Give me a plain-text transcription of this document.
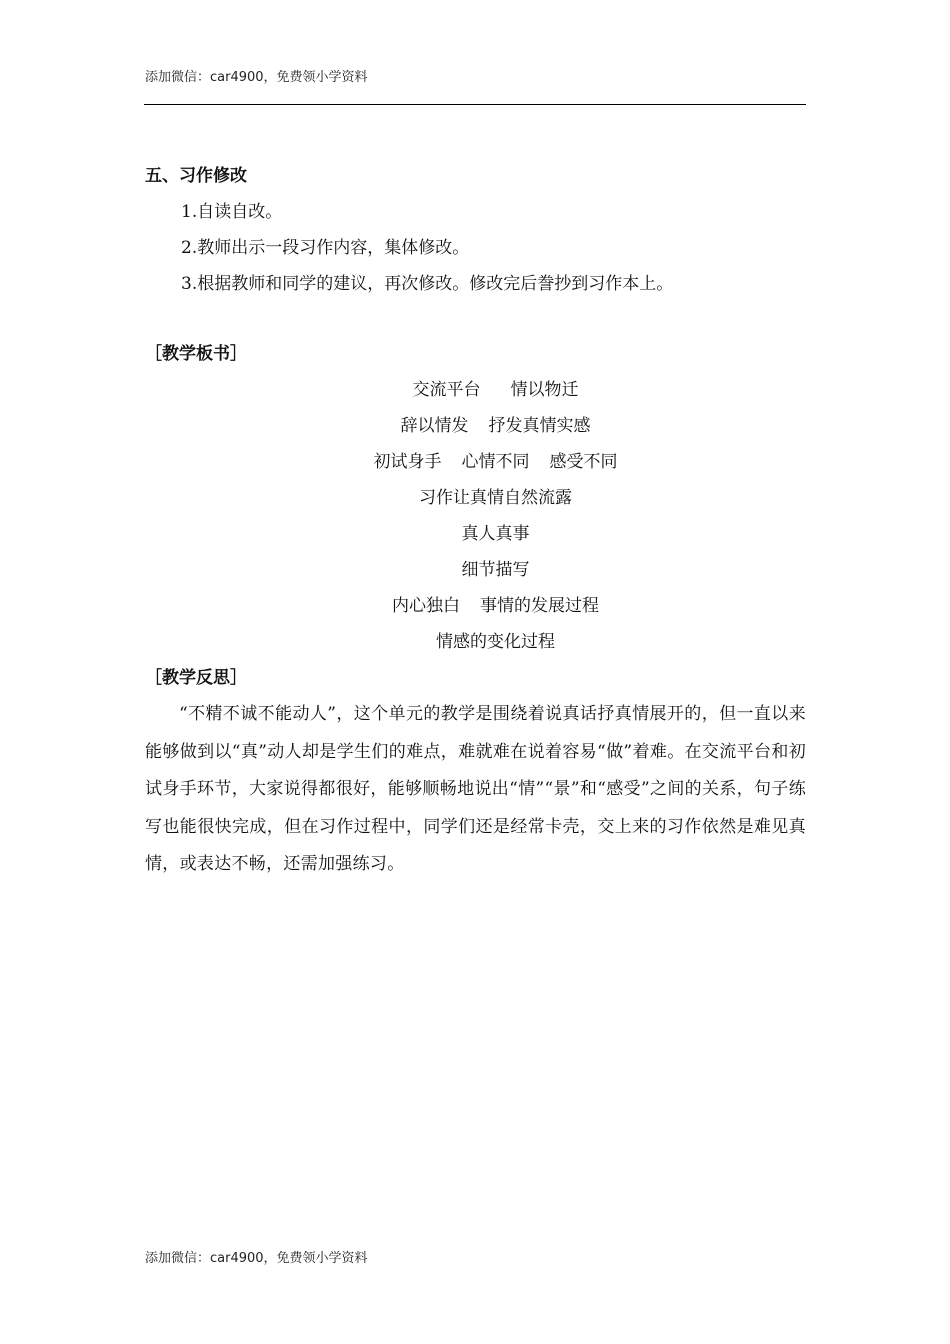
添加微信：car4900，免费领小学资料
五、习作修改
1.自读自改。
2.教师出示一段习作内容，集体修改。
3.根据教师和同学的建议，再次修改。修改完后誊抄到习作本上。
［教学板书］
交流平台 情以物迁
辞以情发 抒发真情实感
初试身手 心情不同 感受不同
习作让真情自然流露
真人真事
细节描写
内心独白 事情的发展过程
情感的变化过程
［教学反思］

“不精不诚不能动人”，这个单元的教学是围绕着说真话抒真情展开的，但一直以来能够做到以“真”动人却是学生们的难点，难就难在说着容易“做”着难。在交流平台和初试身手环节，大家说得都很好，能够顺畅地说出“情”“景”和“感受”之间的关系，句子练写也能很快完成，但在习作过程中，同学们还是经常卡壳，交上来的习作依然是难见真情，或表达不畅，还需加强练习。

添加微信：car4900，免费领小学资料
